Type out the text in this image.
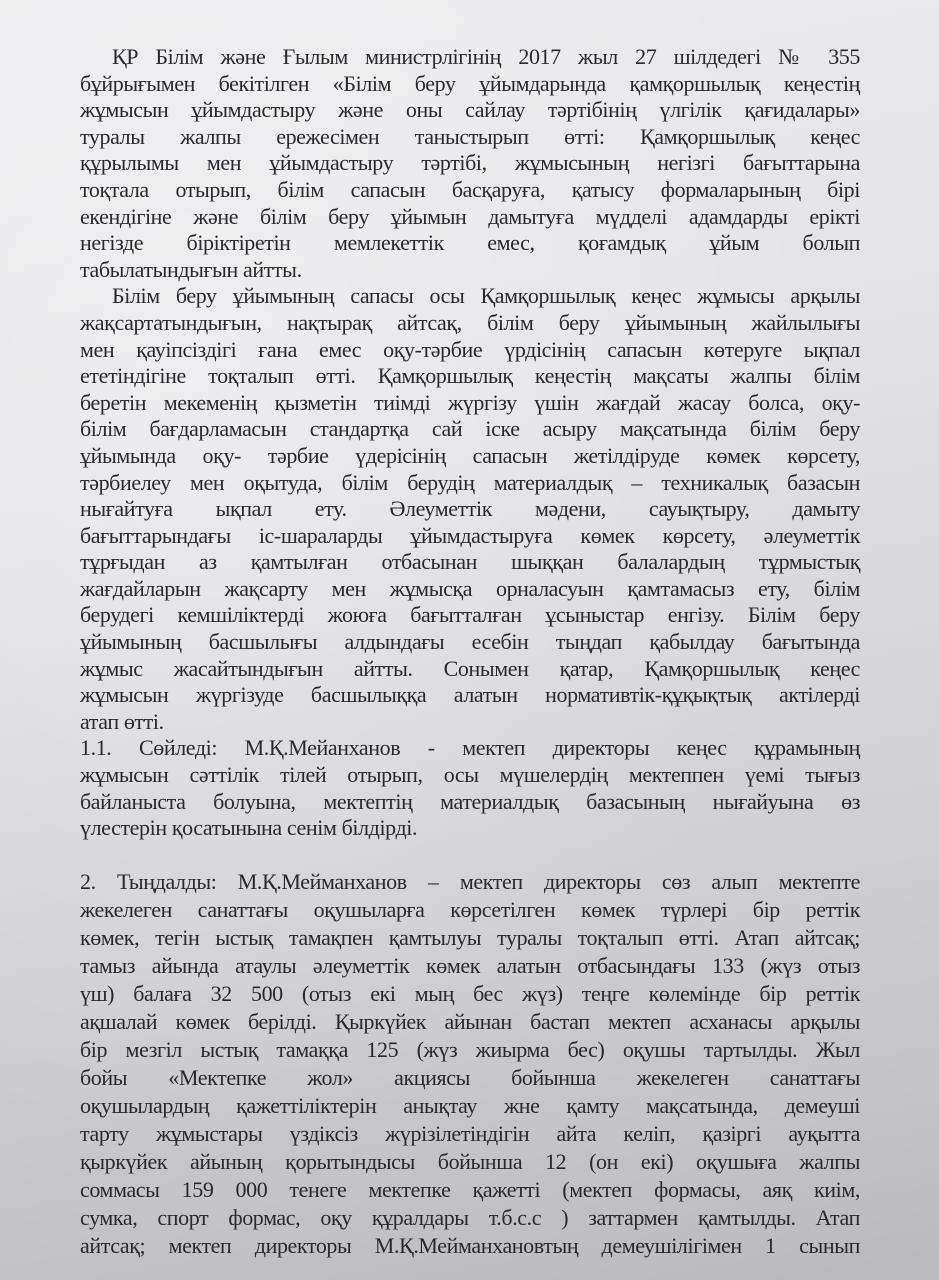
ҚР Білім және Ғылым министрлігінің 2017 жыл 27 шілдедегі № 355
бұйрығымен бекітілген «Білім беру ұйымдарында қамқоршылық кеңестің
жұмысын ұйымдастыру және оны сайлау тәртібінің үлгілік қағидалары»
туралы жалпы ережесімен таныстырып өтті: Қамқоршылық кеңес
құрылымы мен ұйымдастыру тәртібі, жұмысының негізгі бағыттарына
тоқтала отырып, білім сапасын басқаруға, қатысу формаларының бірі
екендігіне және білім беру ұйымын дамытуға мүдделі адамдарды ерікті
негізде біріктіретін мемлекеттік емес, қоғамдық ұйым болып
табылатындығын айтты.
Білім беру ұйымының сапасы осы Қамқоршылық кеңес жұмысы арқылы
жақсартатындығын, нақтырақ айтсақ, білім беру ұйымының жайлылығы
мен қауіпсіздігі ғана емес оқу-тәрбие үрдісінің сапасын көтеруге ықпал
ететіндігіне тоқталып өтті. Қамқоршылық кеңестің мақсаты жалпы білім
беретін мекеменің қызметін тиімді жүргізу үшін жағдай жасау болса, оқу-
білім бағдарламасын стандартқа сай іске асыру мақсатында білім беру
ұйымында оқу- тәрбие үдерісінің сапасын жетілдіруде көмек көрсету,
тәрбиелеу мен оқытуда, білім берудің материалдық – техникалық базасын
нығайтуға ықпал ету. Әлеуметтік мәдени, сауықтыру, дамыту
бағыттарындағы іс-шараларды ұйымдастыруға көмек көрсету, әлеуметтік
тұрғыдан аз қамтылған отбасынан шыққан балалардың тұрмыстық
жағдайларын жақсарту мен жұмысқа орналасуын қамтамасыз ету, білім
берудегі кемшіліктерді жоюға бағытталған ұсыныстар енгізу. Білім беру
ұйымының басшылығы алдындағы есебін тыңдап қабылдау бағытында
жұмыс жасайтындығын айтты. Сонымен қатар, Қамқоршылық кеңес
жұмысын жүргізуде басшылыққа алатын нормативтік-құқықтық актілерді
атап өтті.
1.1. Сөйледі: М.Қ.Мейанханов - мектеп директоры кеңес құрамының
жұмысын сәттілік тілей отырып, осы мүшелердің мектеппен үемі тығыз
байланыста болуына, мектептің материалдық базасының нығайуына өз
үлестерін қосатынына сенім білдірді.
2. Тыңдалды: М.Қ.Мейманханов – мектеп директоры сөз алып мектепте
жекелеген санаттағы оқушыларға көрсетілген көмек түрлері бір реттік
көмек, тегін ыстық тамақпен қамтылуы туралы тоқталып өтті. Атап айтсақ;
тамыз айында атаулы әлеуметтік көмек алатын отбасындағы 133 (жүз отыз
үш) балаға 32 500 (отыз екі мың бес жүз) теңге көлемінде бір реттік
ақшалай көмек берілді. Қыркүйек айынан бастап мектеп асханасы арқылы
бір мезгіл ыстық тамаққа 125 (жүз жиырма бес) оқушы тартылды. Жыл
бойы «Мектепке жол» акциясы бойынша жекелеген санаттағы
оқушылардың қажеттіліктерін анықтау жне қамту мақсатында, демеуші
тарту жұмыстары үздіксіз жүрізілетіндігін айта келіп, қазіргі ауқытта
қыркүйек айының қорытындысы бойынша 12 (он екі) оқушыға жалпы
соммасы 159 000 тенеге мектепке қажетті (мектеп формасы, аяқ киім,
сумка, спорт формас, оқу құралдары т.б.с.с ) заттармен қамтылды. Атап
айтсақ; мектеп директоры М.Қ.Мейманхановтың демеушілігімен 1 сынып
